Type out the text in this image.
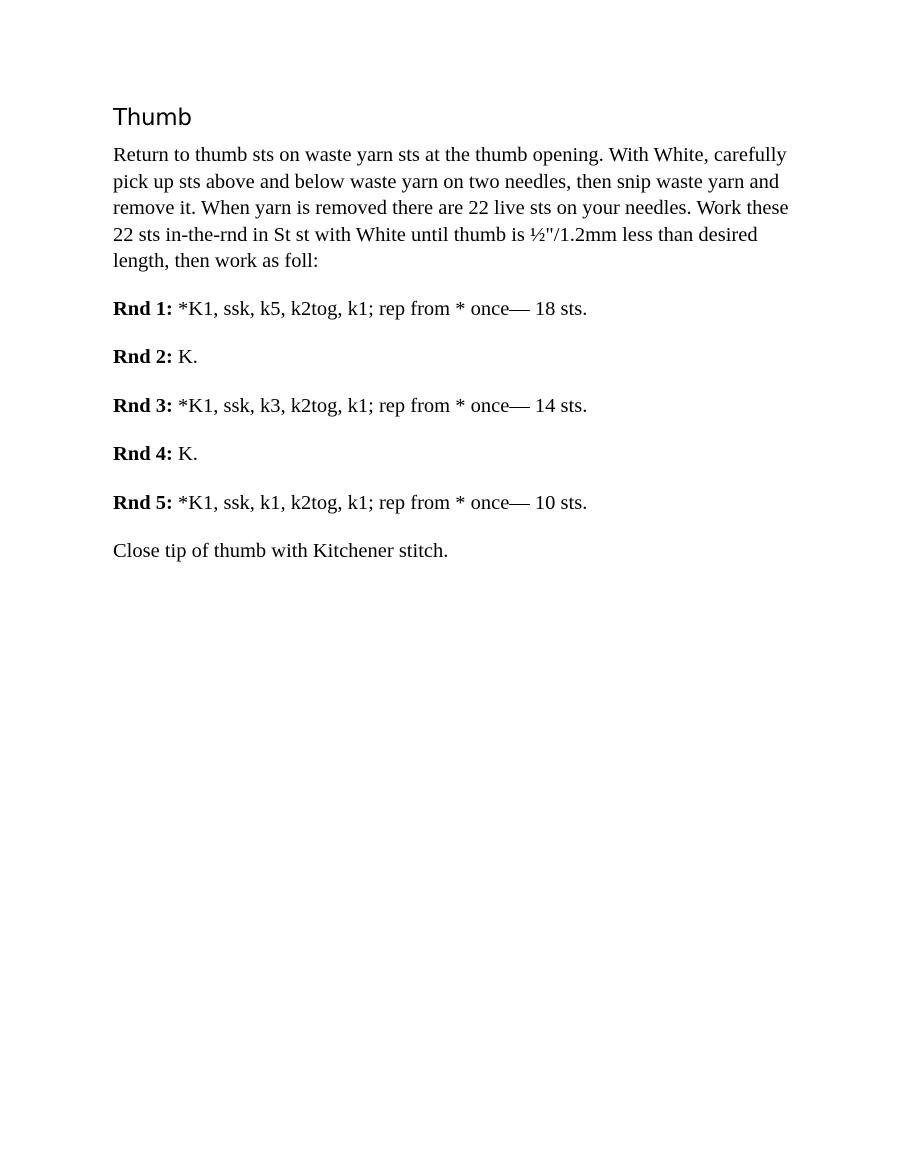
Thumb

Return to thumb sts on waste yarn sts at the thumb opening. With White, carefully pick up sts above and below waste yarn on two needles, then snip waste yarn and remove it. When yarn is removed there are 22 live sts on your needles. Work these 22 sts in-the-rnd in St st with White until thumb is ½"/1.2mm less than desired length, then work as foll:

Rnd 1: *K1, ssk, k5, k2tog, k1; rep from * once— 18 sts.

Rnd 2: K.

Rnd 3: *K1, ssk, k3, k2tog, k1; rep from * once— 14 sts.

Rnd 4: K.

Rnd 5: *K1, ssk, k1, k2tog, k1; rep from * once— 10 sts.

Close tip of thumb with Kitchener stitch.
